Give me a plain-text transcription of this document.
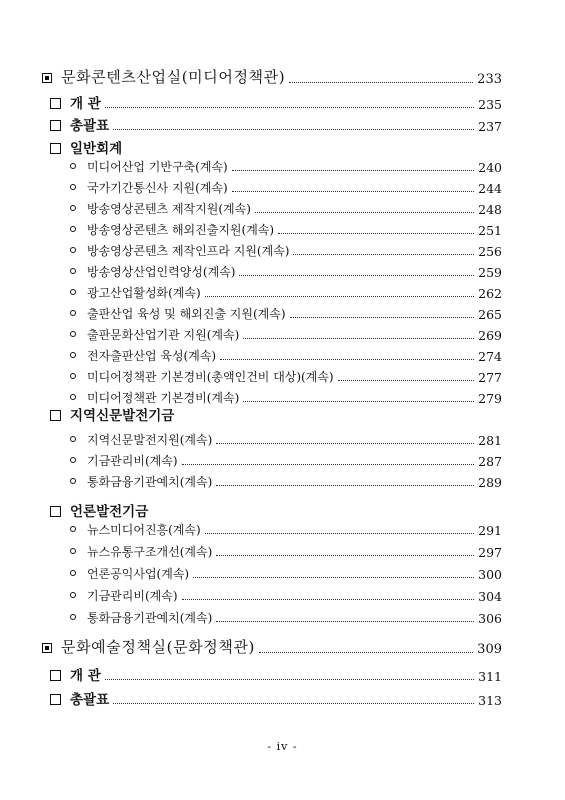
문화콘텐츠산업실(미디어정책관)	233
개 관	235
총괄표	237
일반회계
미디어산업 기반구축(계속)	240
국가기간통신사 지원(계속)	244
방송영상콘텐츠 제작지원(계속)	248
방송영상콘텐츠 해외진출지원(계속)	251
방송영상콘텐츠 제작인프라 지원(계속)	256
방송영상산업인력양성(계속)	259
광고산업활성화(계속)	262
출판산업 육성 및 해외진출 지원(계속)	265
출판문화산업기관 지원(계속)	269
전자출판산업 육성(계속)	274
미디어정책관 기본경비(총액인건비 대상)(계속)	277
미디어정책관 기본경비(계속)	279
지역신문발전기금
지역신문발전지원(계속)	281
기금관리비(계속)	287
통화금융기관예치(계속)	289
언론발전기금
뉴스미디어진흥(계속)	291
뉴스유통구조개선(계속)	297
언론공익사업(계속)	300
기금관리비(계속)	304
통화금융기관예치(계속)	306
문화예술정책실(문화정책관)	309
개 관	311
총괄표	313
- iv -
